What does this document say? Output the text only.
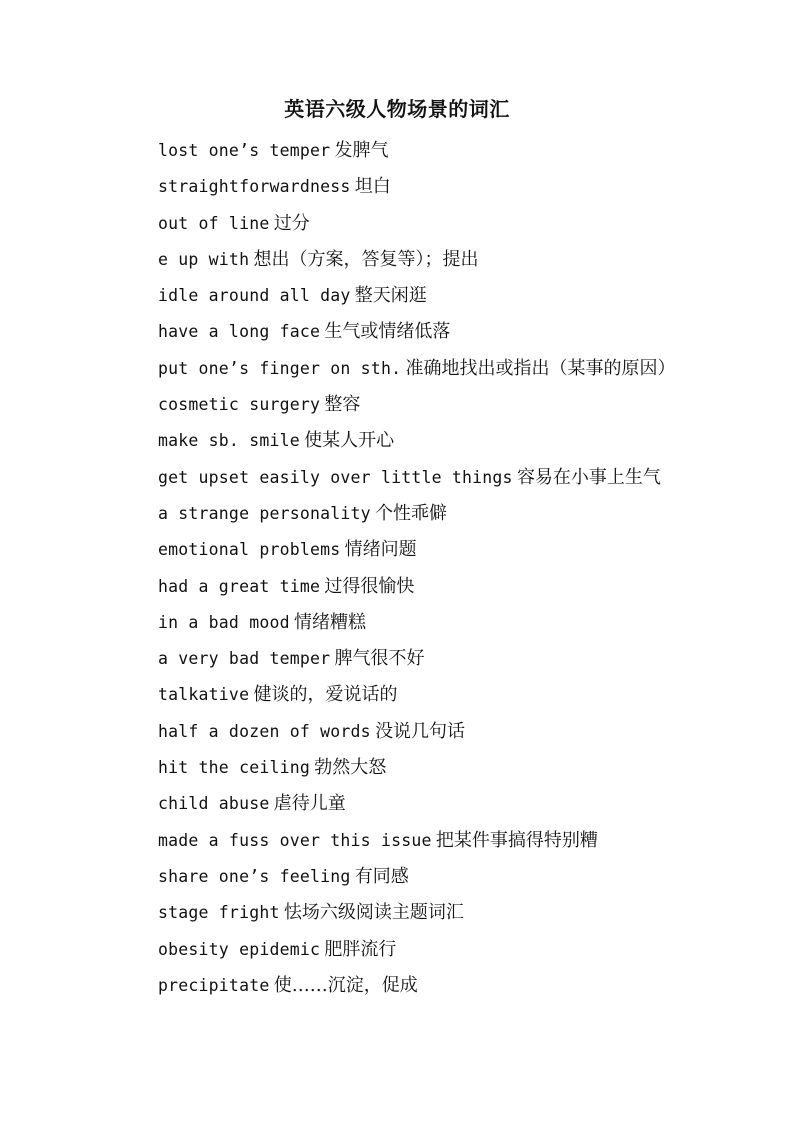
英语六级人物场景的词汇
lost one’s temper 发脾气
straightforwardness 坦白
out of line 过分
e up with 想出（方案，答复等）；提出
idle around all day 整天闲逛
have a long face 生气或情绪低落
put one’s finger on sth. 准确地找出或指出（某事的原因）
cosmetic surgery 整容
make sb. smile 使某人开心
get upset easily over little things 容易在小事上生气
a strange personality 个性乖僻
emotional problems 情绪问题
had a great time 过得很愉快
in a bad mood 情绪糟糕
a very bad temper 脾气很不好
talkative 健谈的，爱说话的
half a dozen of words 没说几句话
hit the ceiling 勃然大怒
child abuse 虐待儿童
made a fuss over this issue 把某件事搞得特别糟
share one’s feeling 有同感
stage fright 怯场六级阅读主题词汇
obesity epidemic 肥胖流行
precipitate 使……沉淀，促成
